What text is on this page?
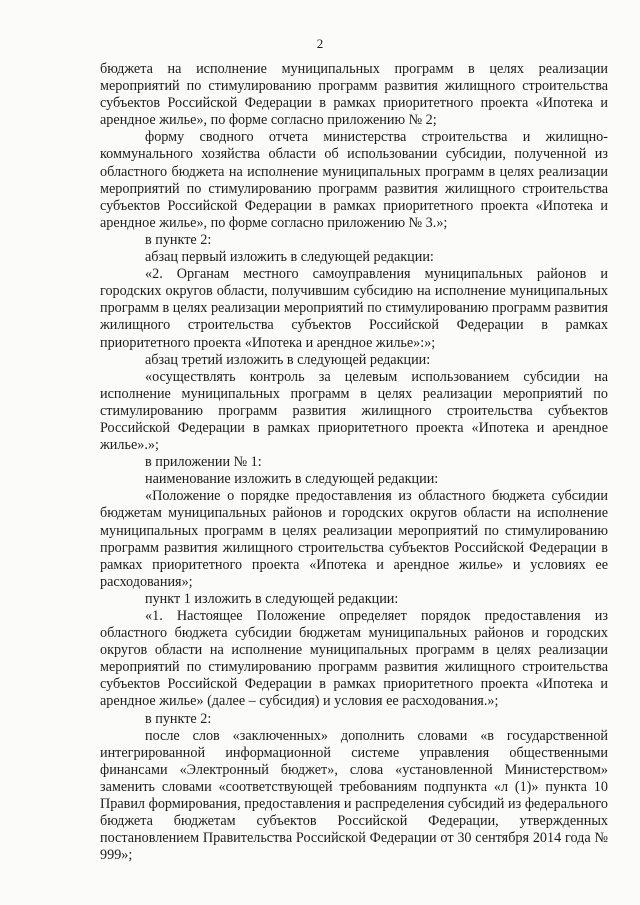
2

бюджета на исполнение муниципальных программ в целях реализации мероприятий по стимулированию программ развития жилищного строительства субъектов Российской Федерации в рамках приоритетного проекта «Ипотека и арендное жилье», по форме согласно приложению № 2;

форму сводного отчета министерства строительства и жилищно-коммунального хозяйства области об использовании субсидии, полученной из областного бюджета на исполнение муниципальных программ в целях реализации мероприятий по стимулированию программ развития жилищного строительства субъектов Российской Федерации в рамках приоритетного проекта «Ипотека и арендное жилье», по форме согласно приложению № 3.»;

в пункте 2:

абзац первый изложить в следующей редакции:

«2. Органам местного самоуправления муниципальных районов и городских округов области, получившим субсидию на исполнение муниципальных программ в целях реализации мероприятий по стимулированию программ развития жилищного строительства субъектов Российской Федерации в рамках приоритетного проекта «Ипотека и арендное жилье»:»;

абзац третий изложить в следующей редакции:

«осуществлять контроль за целевым использованием субсидии на исполнение муниципальных программ в целях реализации мероприятий по стимулированию программ развития жилищного строительства субъектов Российской Федерации в рамках приоритетного проекта «Ипотека и арендное жилье».»;

в приложении № 1:

наименование изложить в следующей редакции:

«Положение о порядке предоставления из областного бюджета субсидии бюджетам муниципальных районов и городских округов области на исполнение муниципальных программ в целях реализации мероприятий по стимулированию программ развития жилищного строительства субъектов Российской Федерации в рамках приоритетного проекта «Ипотека и арендное жилье» и условиях ее расходования»;

пункт 1 изложить в следующей редакции:

«1. Настоящее Положение определяет порядок предоставления из областного бюджета субсидии бюджетам муниципальных районов и городских округов области на исполнение муниципальных программ в целях реализации мероприятий по стимулированию программ развития жилищного строительства субъектов Российской Федерации в рамках приоритетного проекта «Ипотека и арендное жилье» (далее – субсидия) и условия ее расходования.»;

в пункте 2:

после слов «заключенных» дополнить словами «в государственной интегрированной информационной системе управления общественными финансами «Электронный бюджет», слова «установленной Министерством» заменить словами «соответствующей требованиям подпункта «л (1)» пункта 10 Правил формирования, предоставления и распределения субсидий из федерального бюджета бюджетам субъектов Российской Федерации, утвержденных постановлением Правительства Российской Федерации от 30 сентября 2014 года № 999»;
